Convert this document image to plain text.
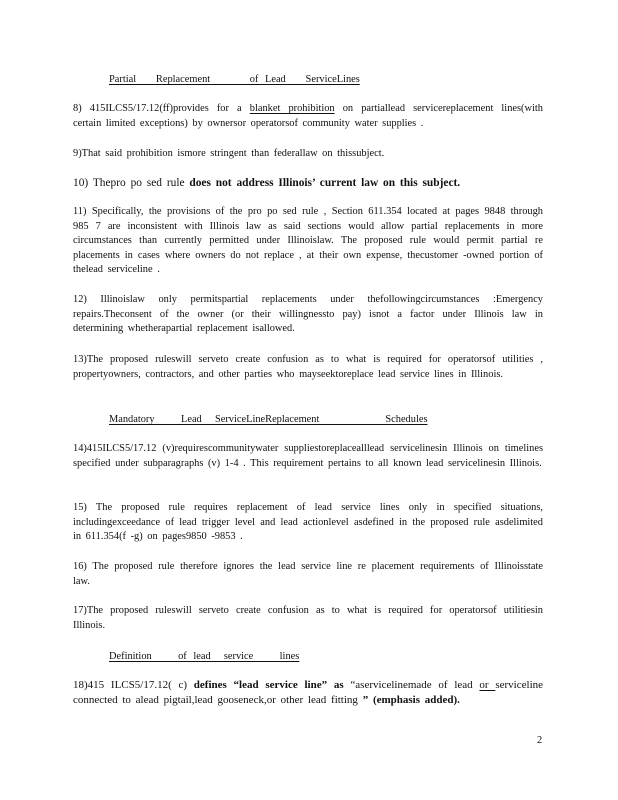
Partial   Replacement      of Lead   ServiceLines
8) 415ILCS5/17.12(ff)provides for a blanket prohibition on partiallead servicereplacement lines(with certain limited exceptions) by ownersor operatorsof community water supplies .
9)That said prohibition ismore stringent than federallaw on thissubject.
10) Thepro po sed rule does not address Illinois’ current law on this subject.
11) Specifically, the provisions of the pro po sed rule , Section 611.354 located at pages 9848 through 985 7 are inconsistent with Illinois law as said sections would allow partial replacements in more circumstances than currently permitted under Illinoislaw. The proposed rule would permit partial re placements in cases where owners do not replace , at their own expense, thecustomer -owned portion of thelead serviceline .
12) Illinoislaw only permitspartial replacements under thefollowingcircumstances :Emergency repairs.Theconsent of the owner (or their willingnessto pay) isnot a factor under Illinois law in determining whetherapartial replacement isallowed.
13)The proposed ruleswill serveto create confusion as to what is required for operatorsof utilities , propertyowners, contractors, and other parties who mayseektoreplace lead service lines in Illinois.
Mandatory    Lead  ServiceLineReplacement          Schedules
14)415ILCS5/17.12 (v)requirescommunitywater suppliestoreplacealllead servicelinesin Illinois on timelines specified under subparagraphs (v) 1-4 . This requirement pertains to all known lead servicelinesin Illinois.
15) The proposed rule requires replacement of lead service lines only in specified situations, includingexceedance of lead trigger level and lead actionlevel asdefined in the proposed rule asdelimited in 611.354(f -g) on pages9850 -9853 .
16) The proposed rule therefore ignores the lead service line re placement requirements of Illinoisstate law.
17)The proposed ruleswill serveto create confusion as to what is required for operatorsof utilitiesin Illinois.
Definition    of lead  service    lines
18)415 ILCS5/17.12( c) defines “lead service line” as “aservicelinemade of lead or serviceline connected to alead pigtail,lead gooseneck,or other lead fitting ” (emphasis added).
2
